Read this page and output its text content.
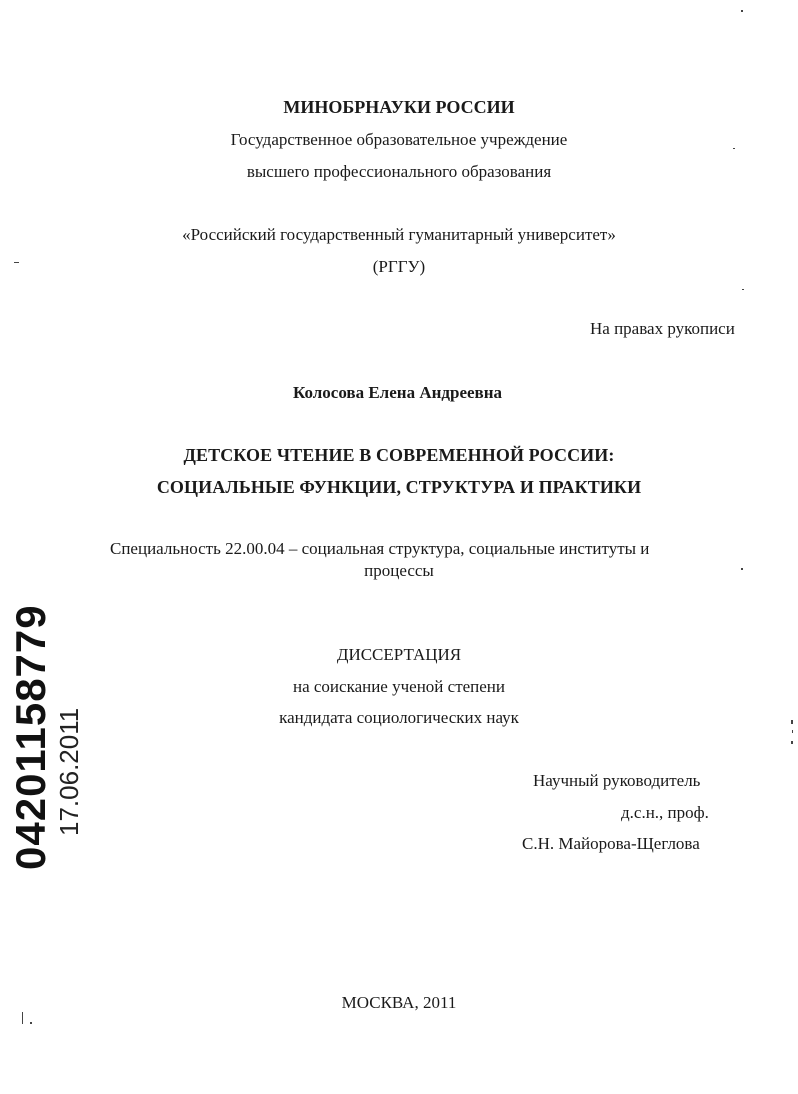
МИНОБРНАУКИ РОССИИ
Государственное образовательное учреждение
высшего профессионального образования
«Российский государственный гуманитарный университет»
(РГГУ)
На правах рукописи
Колосова Елена Андреевна
ДЕТСКОЕ ЧТЕНИЕ В СОВРЕМЕННОЙ РОССИИ:
СОЦИАЛЬНЫЕ ФУНКЦИИ, СТРУКТУРА И ПРАКТИКИ
Специальность 22.00.04 – социальная структура, социальные институты и
процессы
ДИССЕРТАЦИЯ
на соискание ученой степени
кандидата социологических наук
Научный руководитель
д.с.н., проф.
С.Н. Майорова-Щеглова
МОСКВА, 2011
04201158779 17.06.2011
